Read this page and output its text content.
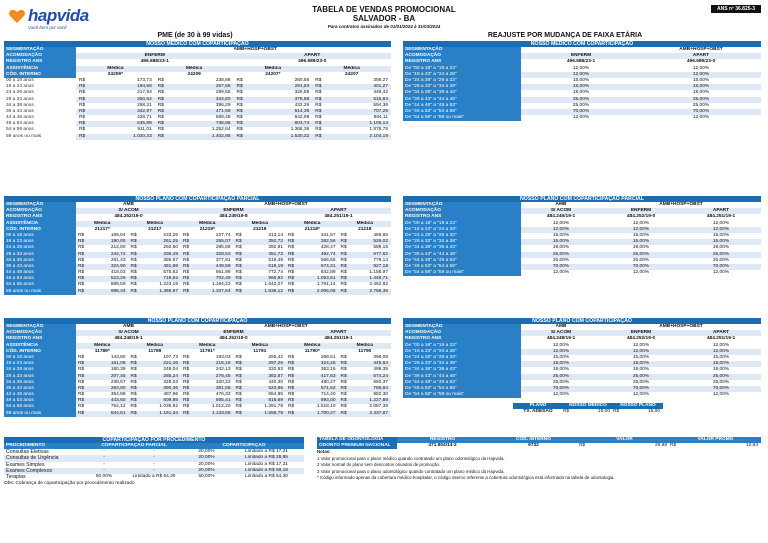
hapvida
Vacê bem por você
TABELA DE VENDAS PROMOCIONAL
SALVADOR - BA
Para contratos assinados de 01/01/2024 à 31/03/2024
ANS nº 36.825-3
PME (de 30 à 99 vidas)	REAJUSTE POR MUDANÇA DE FAIXA ETÁRIA
NOSSO MEDICO COM COPARTICIPAÇÃO
SEGMENTAÇÃO	AMB+HOSP+OBST
ACOMODAÇÃO	ENFERM	APART
REGISTRO ANS	496.688/23-1	496.689/23-0
ASSISTÊNCIA	Médica	Médica	Médica	Médica
CÓD. INTERNO	24209*	24209	24207*	24207
00 a 18 anos	R$	173,73	R$	238,88	R$	280,56	R$	358,27
19 a 23 anos	R$	194,58	R$	267,55	R$	291,83	R$	401,27
24 a 28 anos	R$	217,93	R$	299,65	R$	326,85	R$	449,42
29 a 33 anos	R$	250,62	R$	344,60	R$	375,88	R$	516,84
34 a 38 anos	R$	268,21	R$	396,29	R$	432,26	R$	594,36
39 a 43 anos	R$	342,97	R$	471,58	R$	514,39	R$	707,29
44 a 48 anos	R$	428,71	R$	589,48	R$	642,99	R$	884,11
49 a 53 anos	R$	535,89	R$	736,85	R$	803,74	R$	1.105,14
54 a 58 anos	R$	911,01	R$	1.252,64	R$	1.366,36	R$	1.878,75
59 anos ou mais	R$	1.020,33	R$	1.402,95	R$	1.530,32	R$	2.104,19
NOSSO MEDICO COM COPARTICIPAÇÃO
SEGMENTAÇÃO	AMB+HOSP+OBST
ACOMODAÇÃO	ENFERM	APART
REGISTRO ANS	496.688/23-1	496.689/23-0
De "00 a 18" a "19 a 23"	12,00%	12,00%
De "19 a 23" a "24 a 28"	12,00%	12,00%
De "24 a 28" a "29 a 33"	15,00%	15,00%
De "29 a 33" a "34 a 38"	15,00%	15,00%
De "34 a 38" a "39 a 43"	19,00%	19,00%
De "39 a 43" a "44 a 48"	25,00%	25,00%
De "44 a 48" a "49 a 53"	25,00%	25,00%
De "49 a 53" a "54 a 58"	70,00%	70,00%
De "54 a 58" a "59 ou mais"	12,00%	12,00%
NOSSO PLANO COM COPARTICIPAÇÃO PARCIAL
SEGMENTAÇÃO	AMB	AMB+HOSP+OBST
ACOMODAÇÃO	S/ ACOM	ENFERM	APART
REGISTRO ANS	484.252/19-0	484.249/19-8	484.251/19-1
ASSISTÊNCIA	Médica	Médica	Médica	Médica	Médica	Médica
CÓD. INTERNO	21217*	21217	21219*	21219	21218*	21218
00 a 18 anos	R$	169,64	R$	233,26	R$	227,74	R$	313,14	R$	341,57	R$	469,66
19 a 23 anos	R$	190,00	R$	261,25	R$	255,07	R$	350,72	R$	382,56	R$	526,02
24 a 28 anos	R$	212,80	R$	292,60	R$	285,68	R$	392,81	R$	428,47	R$	589,15
29 a 33 anos	R$	244,72	R$	336,49	R$	328,53	R$	451,73	R$	492,74	R$	677,52
34 a 38 anos	R$	281,43	R$	386,97	R$	377,81	R$	519,49	R$	566,65	R$	779,14
39 a 43 anos	R$	324,90	R$	461,98	R$	449,59	R$	618,19	R$	674,31	R$	927,18
44 a 48 anos	R$	418,03	R$	575,62	R$	561,99	R$	772,74	R$	842,89	R$	1.158,97
49 a 53 anos	R$	523,29	R$	719,52	R$	702,49	R$	965,92	R$	1.053,61	R$	1.448,71
54 a 58 anos	R$	889,59	R$	1.223,19	R$	1.194,23	R$	1.642,07	R$	1.791,14	R$	2.462,82
59 anos ou mais	R$	996,34	R$	1.369,97	R$	1.337,54	R$	1.839,12	R$	2.006,08	R$	2.758,36
NOSSO PLANO COM COPARTICIPAÇÃO PARCIAL
SEGMENTAÇÃO	AMB	AMB+HOSP+OBST
ACOMODAÇÃO	S/ ACOM	ENFERM	APART
REGISTRO ANS	484.246/19-1	484.252/19-0	484.251/19-1
De "00 a 18" a "19 a 23"	12,00%	12,00%	12,00%
De "19 a 23" a "24 a 28"	12,00%	12,00%	12,00%
De "24 a 28" a "29 a 33"	15,00%	15,00%	15,00%
De "29 a 33" a "34 a 38"	15,00%	15,00%	15,00%
De "34 a 38" a "39 a 43"	19,00%	19,00%	19,00%
De "39 a 43" a "44 a 48"	25,00%	25,00%	25,00%
De "44 a 48" a "49 a 53"	25,00%	25,00%	25,00%
De "49 a 53" a "54 a 58"	70,00%	70,00%	70,00%
De "54 a 58" a "59 ou mais"	12,00%	12,00%	12,00%
NOSSO PLANO COM COPARTICIPAÇÃO
SEGMENTAÇÃO	AMB	AMB+HOSP+OBST
ACOMODAÇÃO	S/ ACOM	ENFERM	APART
REGISTRO ANS	484.248/19-1	484.252/19-0	484.251/19-1
ASSISTÊNCIA	Médica	Médica	Médica	Médica	Médica	Médica
CÓD. INTERNO	11789*	11789	11791*	11791	11790*	11790
00 a 18 anos	R$	143,80	R$	197,73	R$	193,03	R$	265,42	R$	289,51	R$	398,08
19 a 23 anos	R$	161,06	R$	221,46	R$	216,19	R$	297,26	R$	324,25	R$	445,84
24 a 28 anos	R$	180,39	R$	248,04	R$	242,13	R$	332,93	R$	363,16	R$	499,35
29 a 33 anos	R$	207,45	R$	285,24	R$	278,45	R$	382,87	R$	417,63	R$	574,24
34 a 38 anos	R$	238,57	R$	328,03	R$	320,22	R$	440,30	R$	480,27	R$	660,37
39 a 43 anos	R$	283,90	R$	390,36	R$	381,06	R$	523,96	R$	571,52	R$	785,84
44 a 48 anos	R$	354,88	R$	487,96	R$	476,33	R$	654,95	R$	714,40	R$	982,30
49 a 53 anos	R$	443,60	R$	609,95	R$	595,41	R$	818,69	R$	893,00	R$	1.227,88
54 a 58 anos	R$	754,12	R$	1.036,92	R$	1.012,20	R$	1.391,78	R$	1.518,10	R$	2.087,39
59 anos ou mais	R$	844,61	R$	1.161,34	R$	1.133,66	R$	1.558,79	R$	1.700,27	R$	2.337,87
NOSSO PLANO COM COPARTICIPAÇÃO
SEGMENTAÇÃO	AMB	AMB+HOSP+OBST
ACOMODAÇÃO	S/ ACOM	ENFERM	APART
REGISTRO ANS	484.248/19-1	484.252/19-0	484.251/19-1
De "00 a 18" a "19 a 23"	12,00%	12,00%	12,00%
De "19 a 23" a "24 a 28"	12,00%	12,00%	12,00%
De "24 a 28" a "29 a 33"	15,00%	15,00%	15,00%
De "29 a 33" a "34 a 38"	15,00%	15,00%	15,00%
De "34 a 38" a "39 a 43"	19,00%	19,00%	19,00%
De "39 a 43" a "44 a 48"	25,00%	25,00%	25,00%
De "44 a 48" a "49 a 53"	25,00%	25,00%	25,00%
De "49 a 53" a "54 a 58"	70,00%	70,00%	70,00%
De "54 a 58" a "59 ou mais"	12,00%	12,00%	12,00%
PLANO	NOSSO MEDICO	NOSSO PLANO
TX. ADESÃO	R$	15,00 R$	15,00
COPARTICIPAÇÃO POR PROCEDIMENTO
PROCEDIMENTO	COPARTICIPAÇÃO PARCIAL	COPARTICIPAÇÃO
Consultas Eletivas	-	-	20,00%	Limitado a R$ 17,31
Consultas de Urgência	-	-	20,00%	Limitado a R$ 28,85
Exames Simples	-	-	20,00%	Limitado a R$ 17,31
Exames Complexos	-	-	20,00%	Limitado a R$ 68,18
Terapias	50,00%	Limitado a R$ 64,30	50,00%	Limitado a R$ 64,30
Obs: Cobrança de coparticipação por procedimento realizado
TABELA DE ODONTOLOGIA	REGISTRO	CÓD. INTERNO	VALOR	VALOR PROMO
ODONTO PREMIUM NACIONAL	471.904/14-2	9732	R$	29,98 R$	12,64
Notas:
1 Valor promocional para o plano médico quando contratado um plano odontológico da Hapvida.
2 Valor normal do plano sem descontos oriundos de promoção.
3 Valor promocional para o plano odontológico quando contratado um plano médico da Hapvida.
* Código informado apenas da cobertura médico-hospitalar, o código interno referente a cobertura odontológica está informado na tabela de odontologia.
